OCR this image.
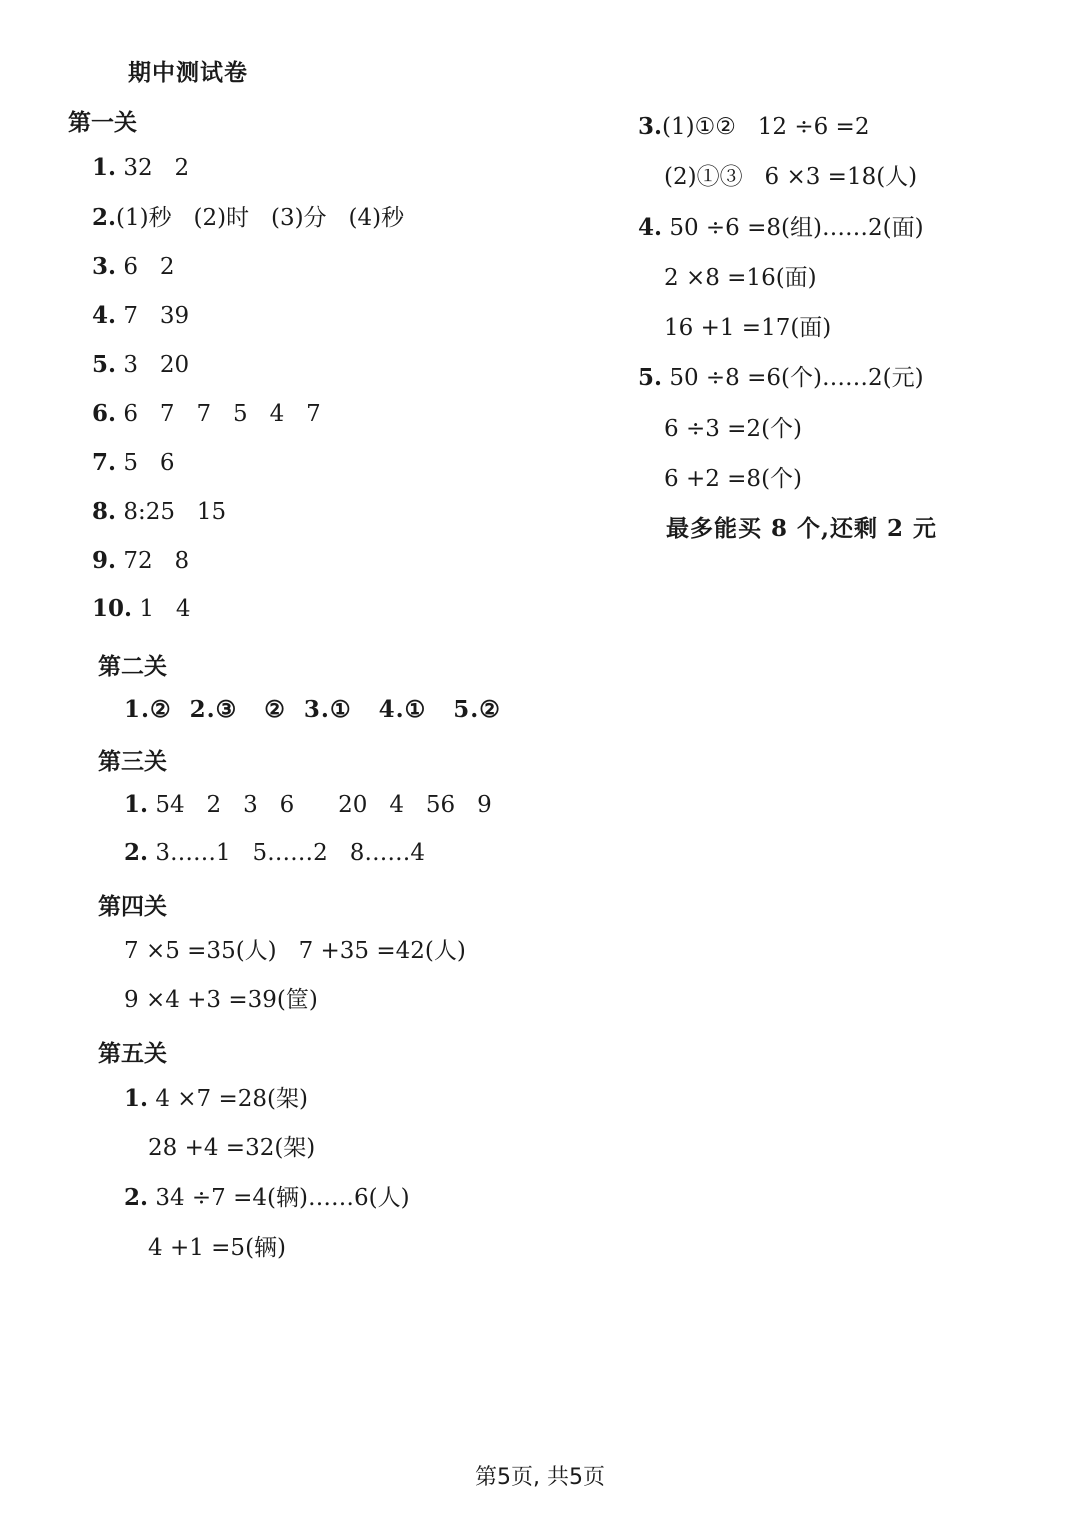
期中测试卷
第一关
1. 32   2
2.(1)秒   (2)时   (3)分   (4)秒
3. 6   2
4. 7   39
5. 3   20
6. 6   7   7   5   4   7
7. 5   6
8. 8:25   15
9. 72   8
10. 1   4
第二关
1.②  2.③   ②  3.①   4.①   5.②
第三关
1. 54   2   3   6      20   4   56   9
2. 3……1   5……2   8……4
第四关
7 ×5 =35(人)   7 +35 =42(人)
9 ×4 +3 =39(筐)
第五关
1. 4 ×7 =28(架)
28 +4 =32(架)
2. 34 ÷7 =4(辆)……6(人)
4 +1 =5(辆)
3.(1)①②   12 ÷6 =2
(2)①③   6 ×3 =18(人)
4. 50 ÷6 =8(组)……2(面)
2 ×8 =16(面)
16 +1 =17(面)
5. 50 ÷8 =6(个)……2(元)
6 ÷3 =2(个)
6 +2 =8(个)
最多能买 8 个,还剩 2 元
第5页, 共5页
